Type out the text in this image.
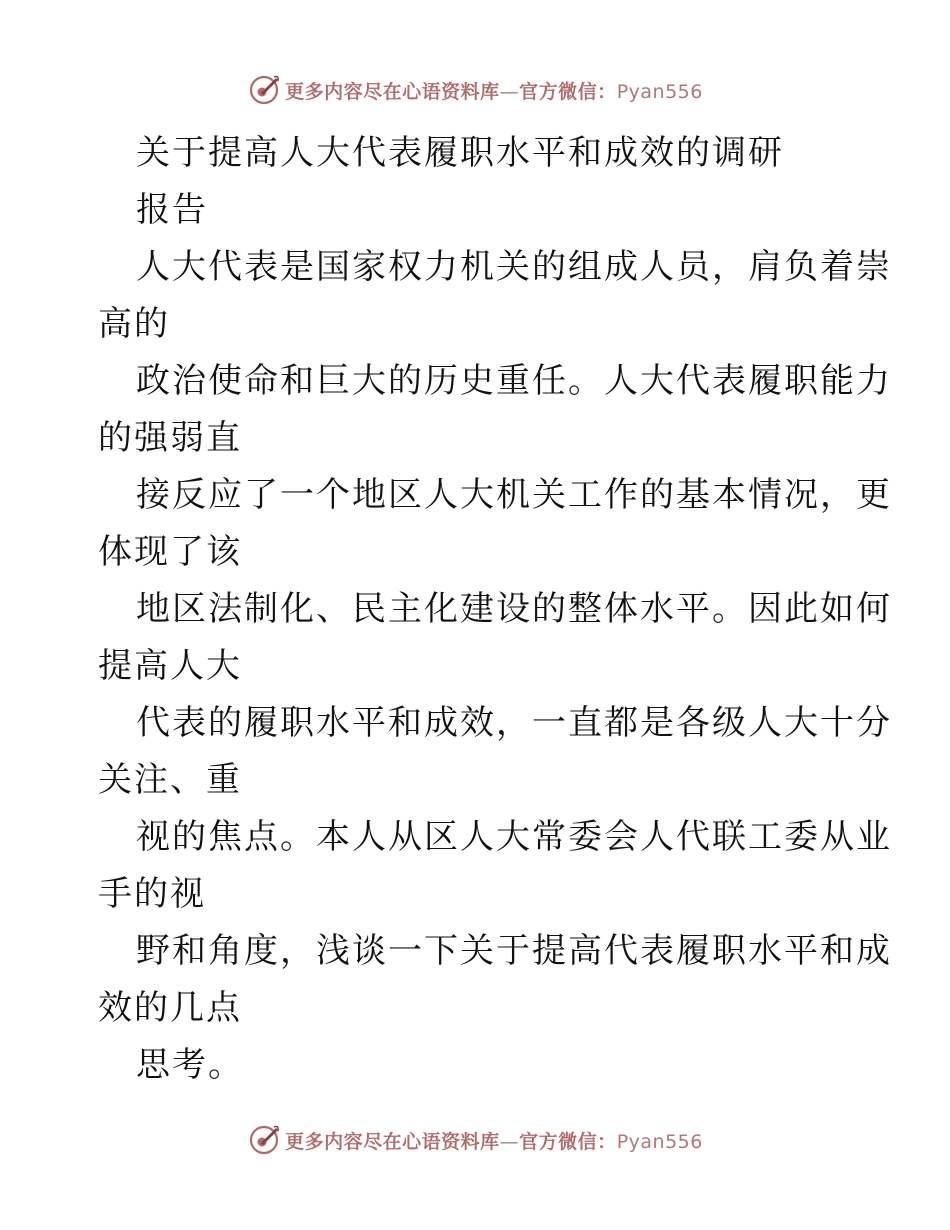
更多内容尽在心语资料库—官方微信：Pyan556
关于提高人大代表履职水平和成效的调研
报告
人大代表是国家权力机关的组成人员，肩负着崇
高的
政治使命和巨大的历史重任。人大代表履职能力
的强弱直
接反应了一个地区人大机关工作的基本情况，更
体现了该
地区法制化、民主化建设的整体水平。因此如何
提高人大
代表的履职水平和成效，一直都是各级人大十分
关注、重
视的焦点。本人从区人大常委会人代联工委从业
手的视
野和角度，浅谈一下关于提高代表履职水平和成
效的几点
思考。
更多内容尽在心语资料库—官方微信：Pyan556
